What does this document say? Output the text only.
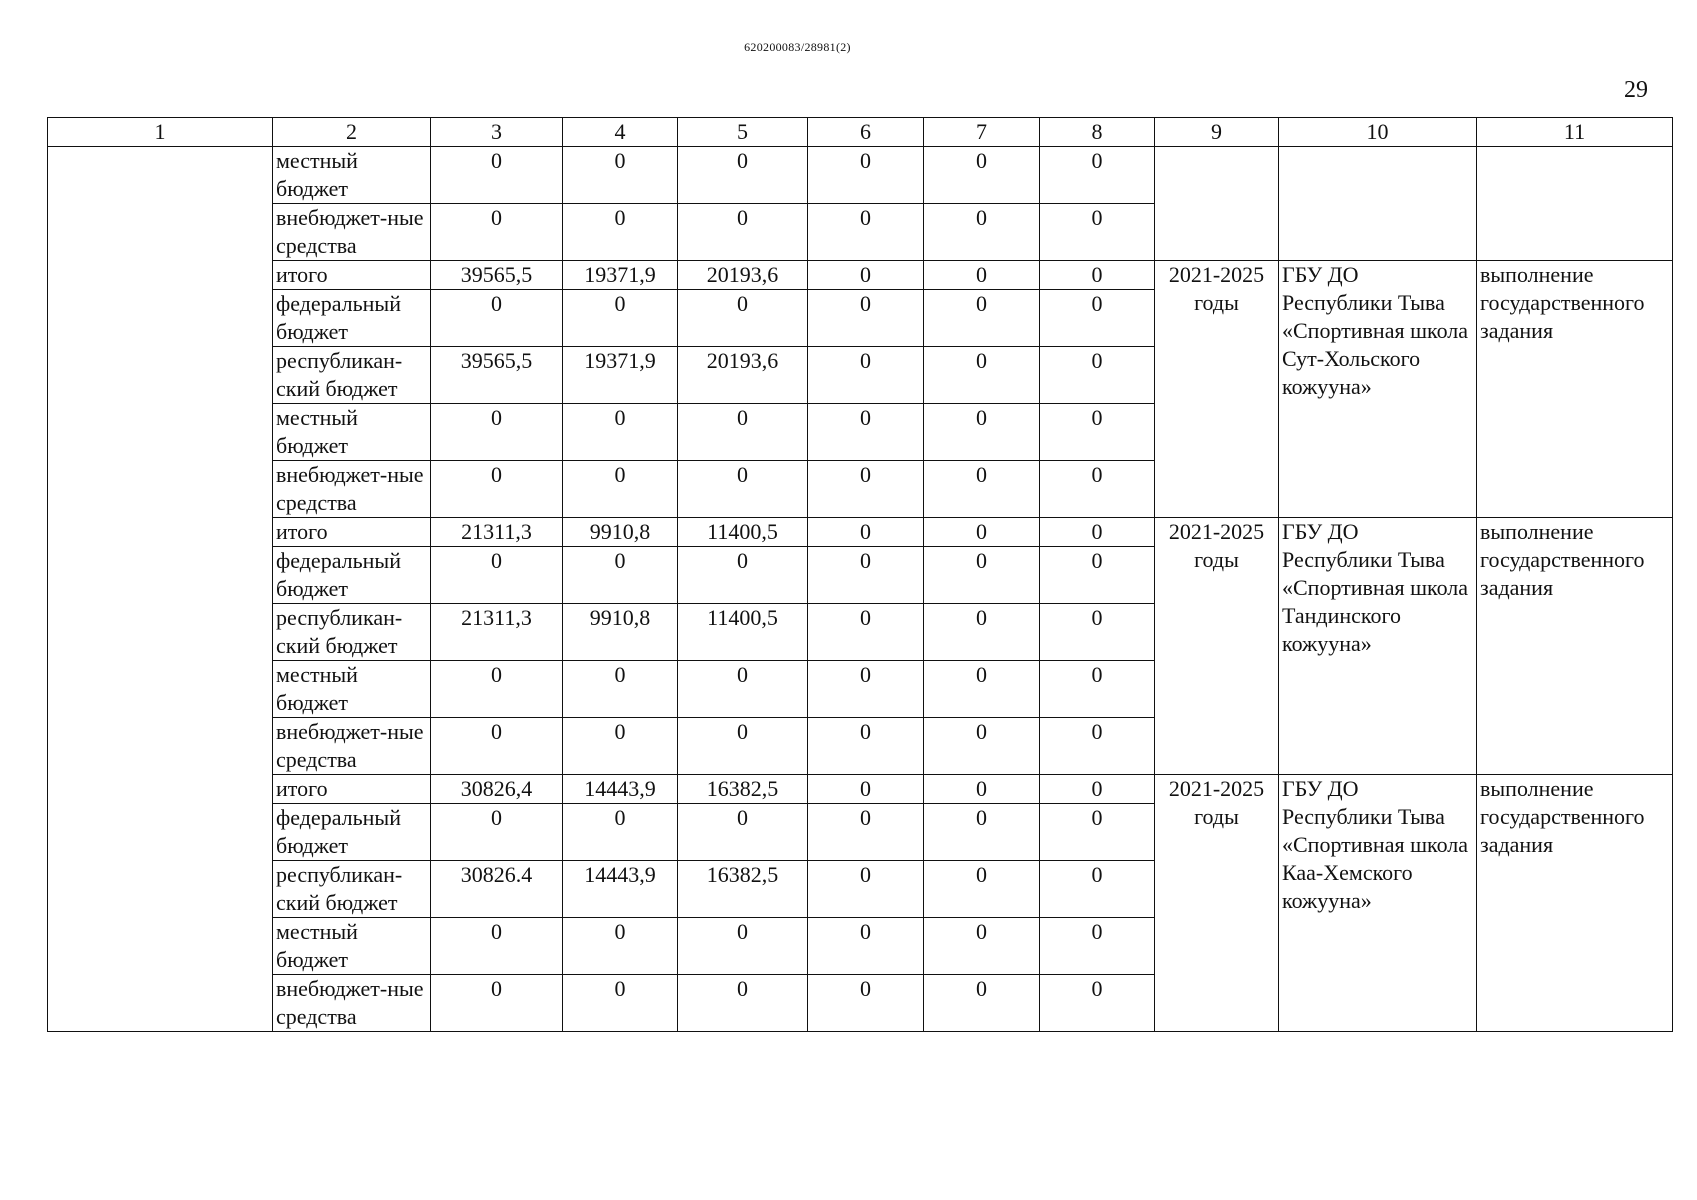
620200083/28981(2)
29
1	2	3	4	5	6	7	8	9	10	11
	местный бюджет	0	0	0	0	0	0			
	внебюджет-ные средства	0	0	0	0	0	0			
	итого	39565,5	19371,9	20193,6	0	0	0	2021-2025 годы	ГБУ ДО Республики Тыва «Спортивная школа Сут-Хольского кожууна»	выполнение государственного задания
	федеральный бюджет	0	0	0	0	0	0			
	республикан-ский бюджет	39565,5	19371,9	20193,6	0	0	0			
	местный бюджет	0	0	0	0	0	0			
	внебюджет-ные средства	0	0	0	0	0	0			
	итого	21311,3	9910,8	11400,5	0	0	0	2021-2025 годы	ГБУ ДО Республики Тыва «Спортивная школа Тандинского кожууна»	выполнение государственного задания
	федеральный бюджет	0	0	0	0	0	0			
	республикан-ский бюджет	21311,3	9910,8	11400,5	0	0	0			
	местный бюджет	0	0	0	0	0	0			
	внебюджет-ные средства	0	0	0	0	0	0			
	итого	30826,4	14443,9	16382,5	0	0	0	2021-2025 годы	ГБУ ДО Республики Тыва «Спортивная школа Каа-Хемского кожууна»	выполнение государственного задания
	федеральный бюджет	0	0	0	0	0	0			
	республикан-ский бюджет	30826.4	14443,9	16382,5	0	0	0			
	местный бюджет	0	0	0	0	0	0			
	внебюджет-ные средства	0	0	0	0	0	0			
